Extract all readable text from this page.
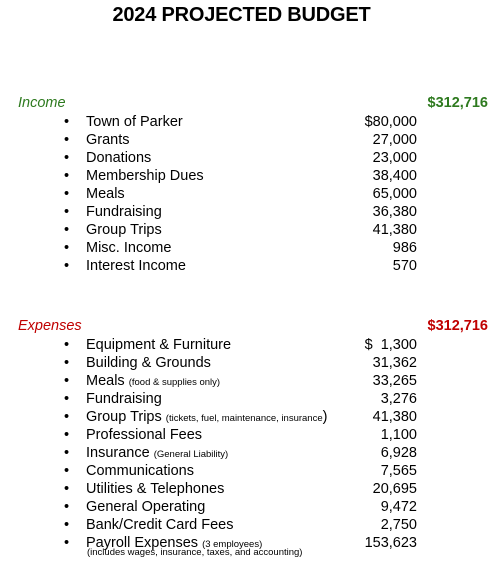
2024 PROJECTED BUDGET
Income	$312,716
• Town of Parker	$80,000
• Grants	27,000
• Donations	23,000
• Membership Dues	38,400
• Meals	65,000
• Fundraising	36,380
• Group Trips	41,380
• Misc. Income	986
• Interest Income	570
Expenses	$312,716
• Equipment & Furniture	$  1,300
• Building & Grounds	31,362
• Meals (food & supplies only)	33,265
• Fundraising	3,276
• Group Trips (tickets, fuel, maintenance, insurance)	41,380
• Professional Fees	1,100
• Insurance (General Liability)	6,928
• Communications	7,565
• Utilities & Telephones	20,695
• General Operating	9,472
• Bank/Credit Card Fees	2,750
• Payroll Expenses (3 employees)	153,623
(includes wages, insurance, taxes, and accounting)
